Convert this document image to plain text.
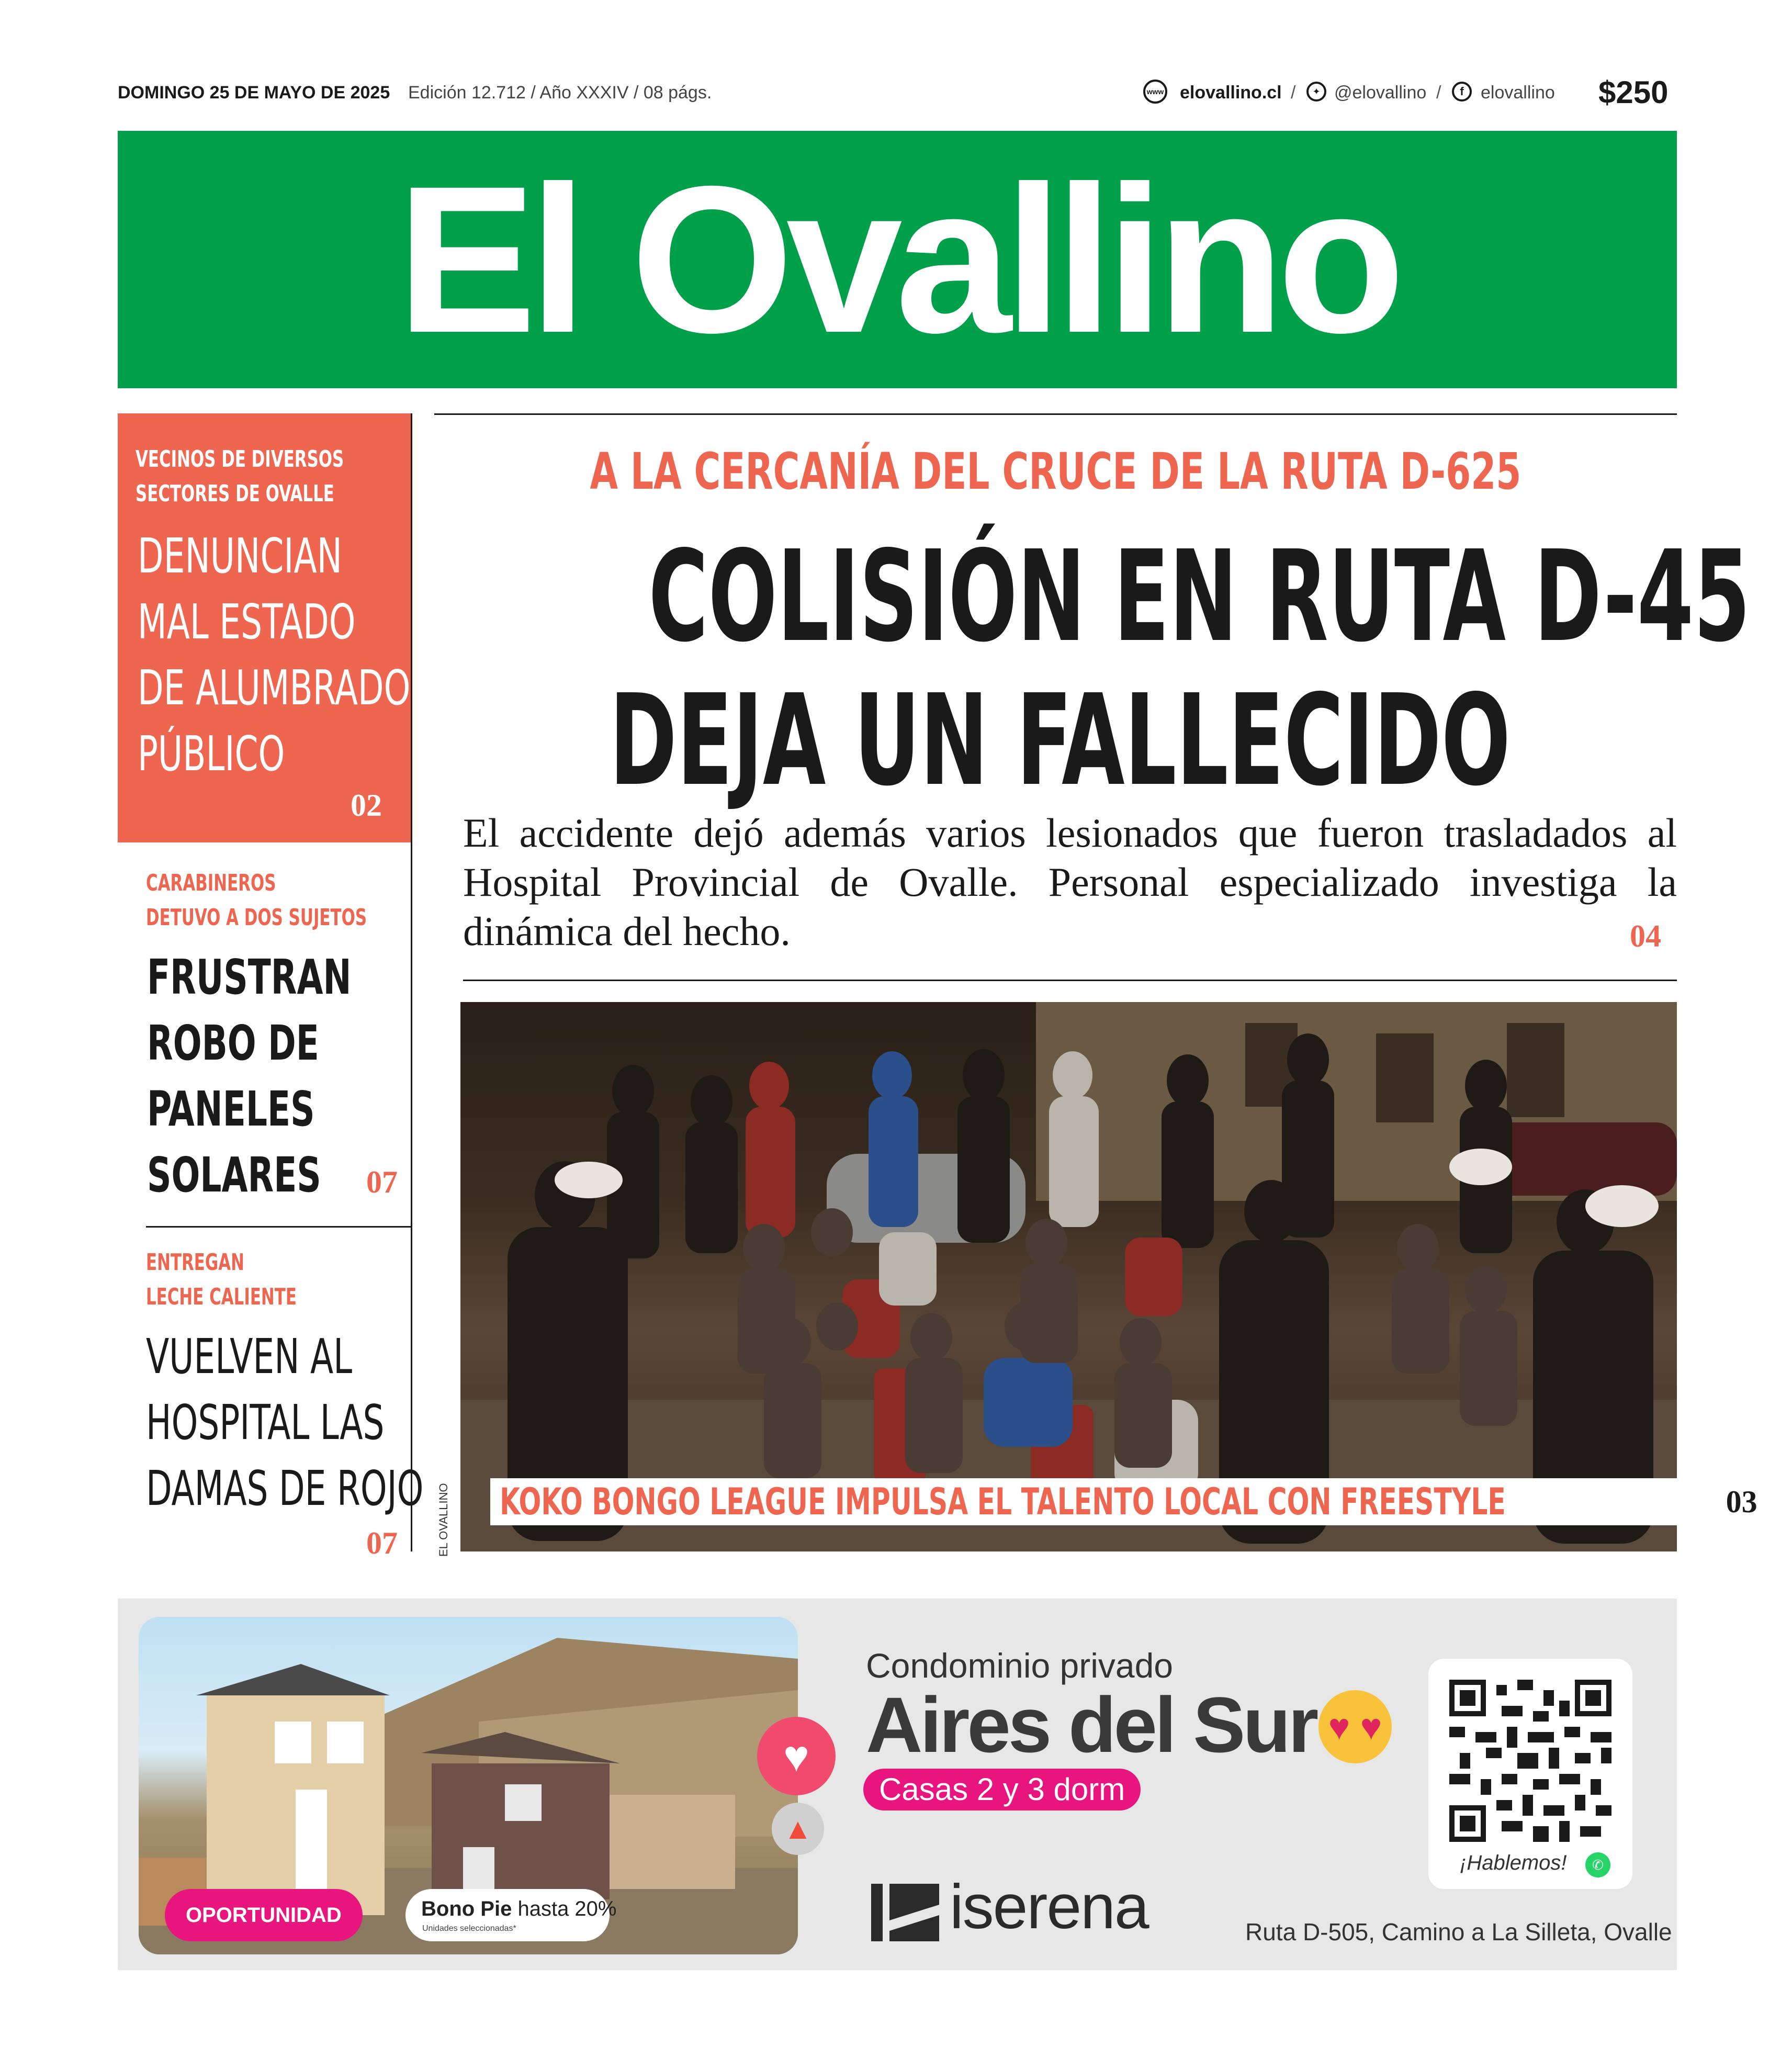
DOMINGO 25 DE MAYO DE 2025 Edición 12.712 / Año XXXIV / 08 págs.	www elovallino.cl /	✦ @elovallino /	f elovallino $250
El Ovallino
VECINOS DE DIVERSOS
SECTORES DE OVALLE
DENUNCIAN
MAL ESTADO
DE ALUMBRADO
PÚBLICO
02
CARABINEROS
DETUVO A DOS SUJETOS
FRUSTRAN
ROBO DE
PANELES
SOLARES	07
ENTREGAN
LECHE CALIENTE
VUELVEN AL
HOSPITAL LAS
DAMAS DE ROJO
07
A LA CERCANÍA DEL CRUCE DE LA RUTA D-625
COLISIÓN EN RUTA D-45
DEJA UN FALLECIDO
El accidente dejó además varios lesionados que fueron trasladados al Hospital Provincial de Ovalle. Personal especializado investiga la dinámica del hecho.	04
EL OVALLINO KOKO BONGO LEAGUE IMPULSA EL TALENTO LOCAL CON FREESTYLE	03
♥
▲
OPORTUNIDAD	Bono Pie hasta 20%
Unidades seleccionadas*
Condominio privado
Aires del Sur ♥ ♥
Casas 2 y 3 dorm
iserena
¡Hablemos!	✆
Ruta D-505, Camino a La Silleta, Ovalle
